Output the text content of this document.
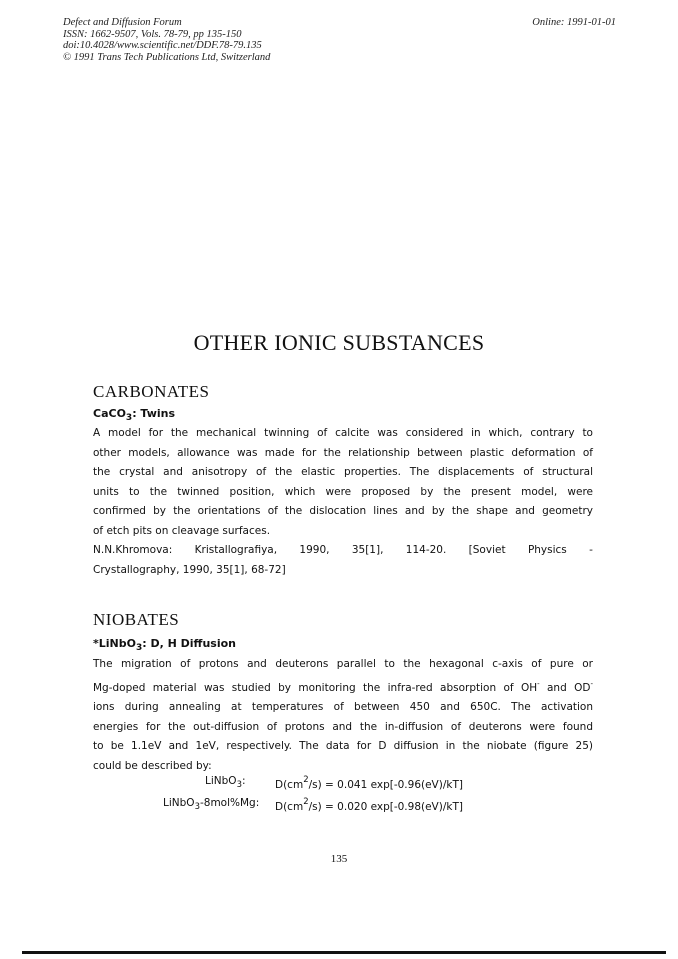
Defect and Diffusion Forum
ISSN: 1662-9507, Vols. 78-79, pp 135-150
doi:10.4028/www.scientific.net/DDF.78-79.135
© 1991 Trans Tech Publications Ltd, Switzerland
Online: 1991-01-01
OTHER IONIC SUBSTANCES
CARBONATES
CaCO$_3$: Twins
A model for the mechanical twinning of calcite was considered in which, contrary to
other models, allowance was made for the relationship between plastic deformation of
the crystal and anisotropy of the elastic properties. The displacements of structural
units to the twinned position, which were proposed by the present model, were
confirmed by the orientations of the dislocation lines and by the shape and geometry
of etch pits on cleavage surfaces.
N.N.Khromova: Kristallografiya, 1990, 35[1], 114-20. [Soviet Physics -
Crystallography, 1990, 35[1], 68-72]
NIOBATES
*LiNbO$_3$: D, H Diffusion
The migration of protons and deuterons parallel to the hexagonal c-axis of pure or
Mg-doped material was studied by monitoring the infra-red absorption of OH- and OD-
ions during annealing at temperatures of between 450 and 650C. The activation
energies for the out-diffusion of protons and the in-diffusion of deuterons were found
to be 1.1eV and 1eV, respectively. The data for D diffusion in the niobate (figure 25)
could be described by:
LiNbO$_3$:	$D(cm^2/s) = 0.041$ exp[-0.96(eV)/kT]
LiNbO$_3$-8mol%Mg: $D(cm^2/s) = 0.020$ exp[-0.98(eV)/kT]
135
